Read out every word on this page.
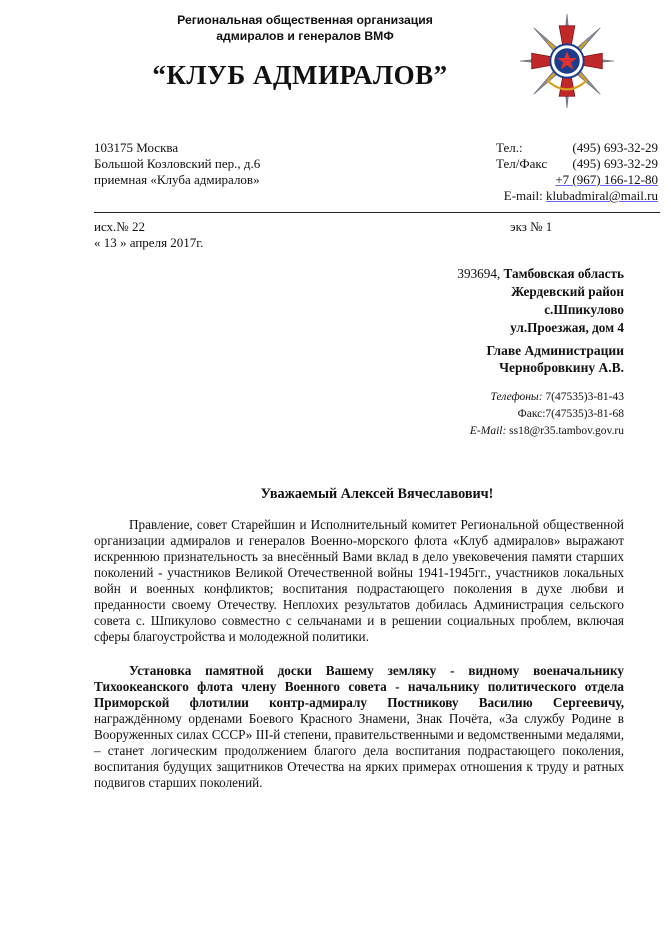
Региональная общественная организация
адмиралов и генералов ВМФ
“КЛУБ АДМИРАЛОВ”
103175 Москва
Большой Козловский пер., д.6
приемная «Клуба адмиралов»
Тел.:	(495) 693-32-29
Тел/Факс	(495) 693-32-29
+7 (967) 166-12-80
E-mail: klubadmiral@mail.ru
исх.№ 22
« 13 » апреля 2017г.
экз № 1
393694, Тамбовская область
Жердевский район
с.Шпикулово
ул.Проезжая, дом 4
Главе Администрации
Чернобровкину А.В.
Телефоны: 7(47535)3-81-43
Факс:7(47535)3-81-68
E-Mail: ss18@r35.tambov.gov.ru
Уважаемый Алексей Вячеславович!

Правление, совет Старейшин и Исполнительный комитет Региональной общественной организации адмиралов и генералов Военно-морского флота «Клуб адмиралов» выражают искреннюю признательность за внесённый Вами вклад в дело увековечения памяти старших поколений - участников Великой Отечественной войны 1941-1945гг., участников локальных войн и военных конфликтов; воспитания подрастающего поколения в духе любви и преданности своему Отечеству. Неплохих результатов добилась Администрация сельского совета с. Шпикулово совместно с сельчанами и в решении социальных проблем, включая сферы благоустройства и молодежной политики.

Установка памятной доски Вашему земляку - видному военачальнику Тихоокеанского флота члену Военного совета - начальнику политического отдела Приморской флотилии контр-адмиралу Постникову Василию Сергеевичу, награждённому орденами Боевого Красного Знамени, Знак Почёта, «За службу Родине в Вооруженных силах СССР» III-й степени, правительственными и ведомственными медалями, – станет логическим продолжением благого дела воспитания подрастающего поколения, воспитания будущих защитников Отечества на ярких примерах отношения к труду и ратных подвигов старших поколений.
